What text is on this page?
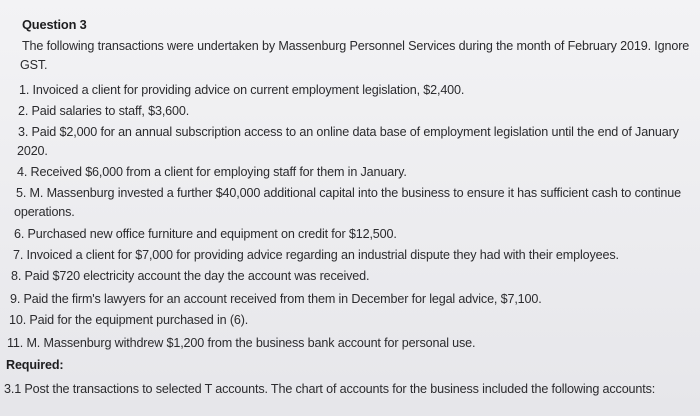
Question 3
The following transactions were undertaken by Massenburg Personnel Services during the month of February 2019. Ignore
GST.
1. Invoiced a client for providing advice on current employment legislation, $2,400.
2. Paid salaries to staff, $3,600.
3. Paid $2,000 for an annual subscription access to an online data base of employment legislation until the end of January
2020.
4. Received $6,000 from a client for employing staff for them in January.
5. M. Massenburg invested a further $40,000 additional capital into the business to ensure it has sufficient cash to continue
operations.
6. Purchased new office furniture and equipment on credit for $12,500.
7. Invoiced a client for $7,000 for providing advice regarding an industrial dispute they had with their employees.
8. Paid $720 electricity account the day the account was received.
9. Paid the firm's lawyers for an account received from them in December for legal advice, $7,100.
10. Paid for the equipment purchased in (6).
11. M. Massenburg withdrew $1,200 from the business bank account for personal use.
Required:
3.1 Post the transactions to selected T accounts. The chart of accounts for the business included the following accounts:
